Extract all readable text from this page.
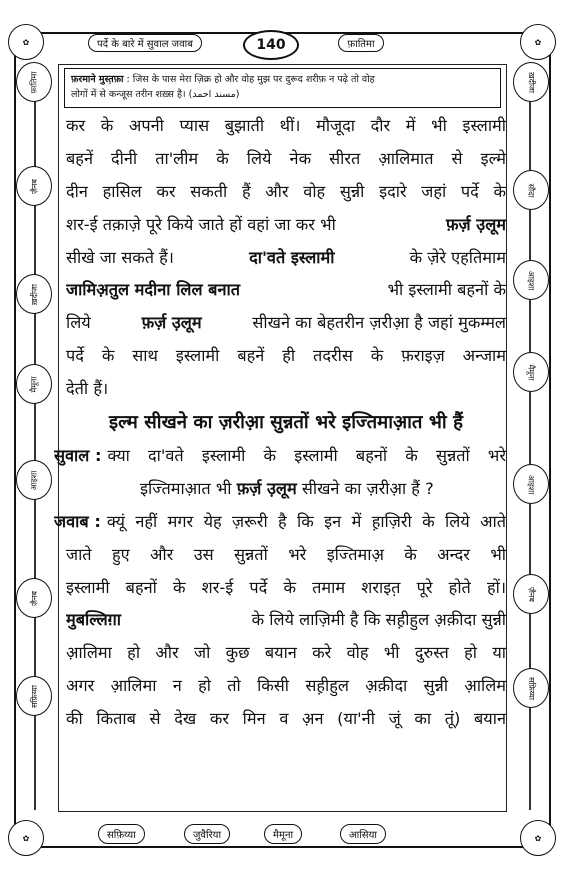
पर्दे के बारे में सुवाल जवाब	140	फ़ातिमा
✿	✿
✿	✿
फ़ातिमा
ज़ैनब
ख़दीजा
मैमूना
आइशा
ज़ैनब
सफ़िय्या
ख़दीजा
सौदा
आइशा
मैमूना
आइशा
ज़ैनब
सफ़िय्या
सफ़िय्या	जुवैरिया	मैमूना	आसिया
फ़रमाने मुस्त़फ़ा : जिस के पास मेरा ज़िक्र हो और वोह मुझ पर दुरूद शरीफ़ न पढ़े तो वोह
लोगों में से कन्जूस तरीन शख़्स है। (مسند احمد)
कर के अपनी प्यास बुझाती थीं। मौजूदा दौर में भी इस्लामी
बहनें दीनी ता'लीम के लिये नेक सीरत आ़लिमात से इल्मे
दीन हासिल कर सकती हैं और वोह सुन्नी इदारे जहां पर्दे के
शर-ई तक़ाज़े पूरे किये जाते हों वहां जा कर भी	फ़र्ज़ उ़लूम
सीखे जा सकते हैं।	दा'वते इस्लामी	के ज़ेरे एहतिमाम
जामिअ़तुल मदीना लिल बनात	भी इस्लामी बहनों के
लिये	फ़र्ज़ उ़लूम	सीखने का बेहतरीन ज़रीआ़ है जहां मुकम्मल
पर्दे के साथ इस्लामी बहनें ही तदरीस के फ़राइज़ अन्जाम
देती हैं।
इल्म सीखने का ज़रीआ़ सुन्नतों भरे इज्तिमाआ़त भी हैं
सुवाल : क्या दा'वते इस्लामी के इस्लामी बहनों के सुन्नतों भरे
इज्तिमाआ़त भी फ़र्ज़ उ़लूम सीखने का ज़रीआ़ हैं ?
जवाब : क्यूं नहीं मगर येह ज़रूरी है कि इन में ह़ाज़िरी के लिये आते
जाते हुए और उस सुन्नतों भरे इज्तिमाअ़ के अन्दर भी
इस्लामी बहनों के शर-ई पर्दे के तमाम शराइत़ पूरे होते हों।
मुबल्लिग़ा	के लिये लाज़िमी है कि सह़ीहुल अ़क़ीदा सुन्नी
आ़लिमा हो और जो कुछ बयान करे वोह भी दुरुस्त हो या
अगर आ़लिमा न हो तो किसी सह़ीहुल अ़क़ीदा सुन्नी आ़लिम
की किताब से देख कर मिन व अ़न (या'नी जूं का तूं) बयान
